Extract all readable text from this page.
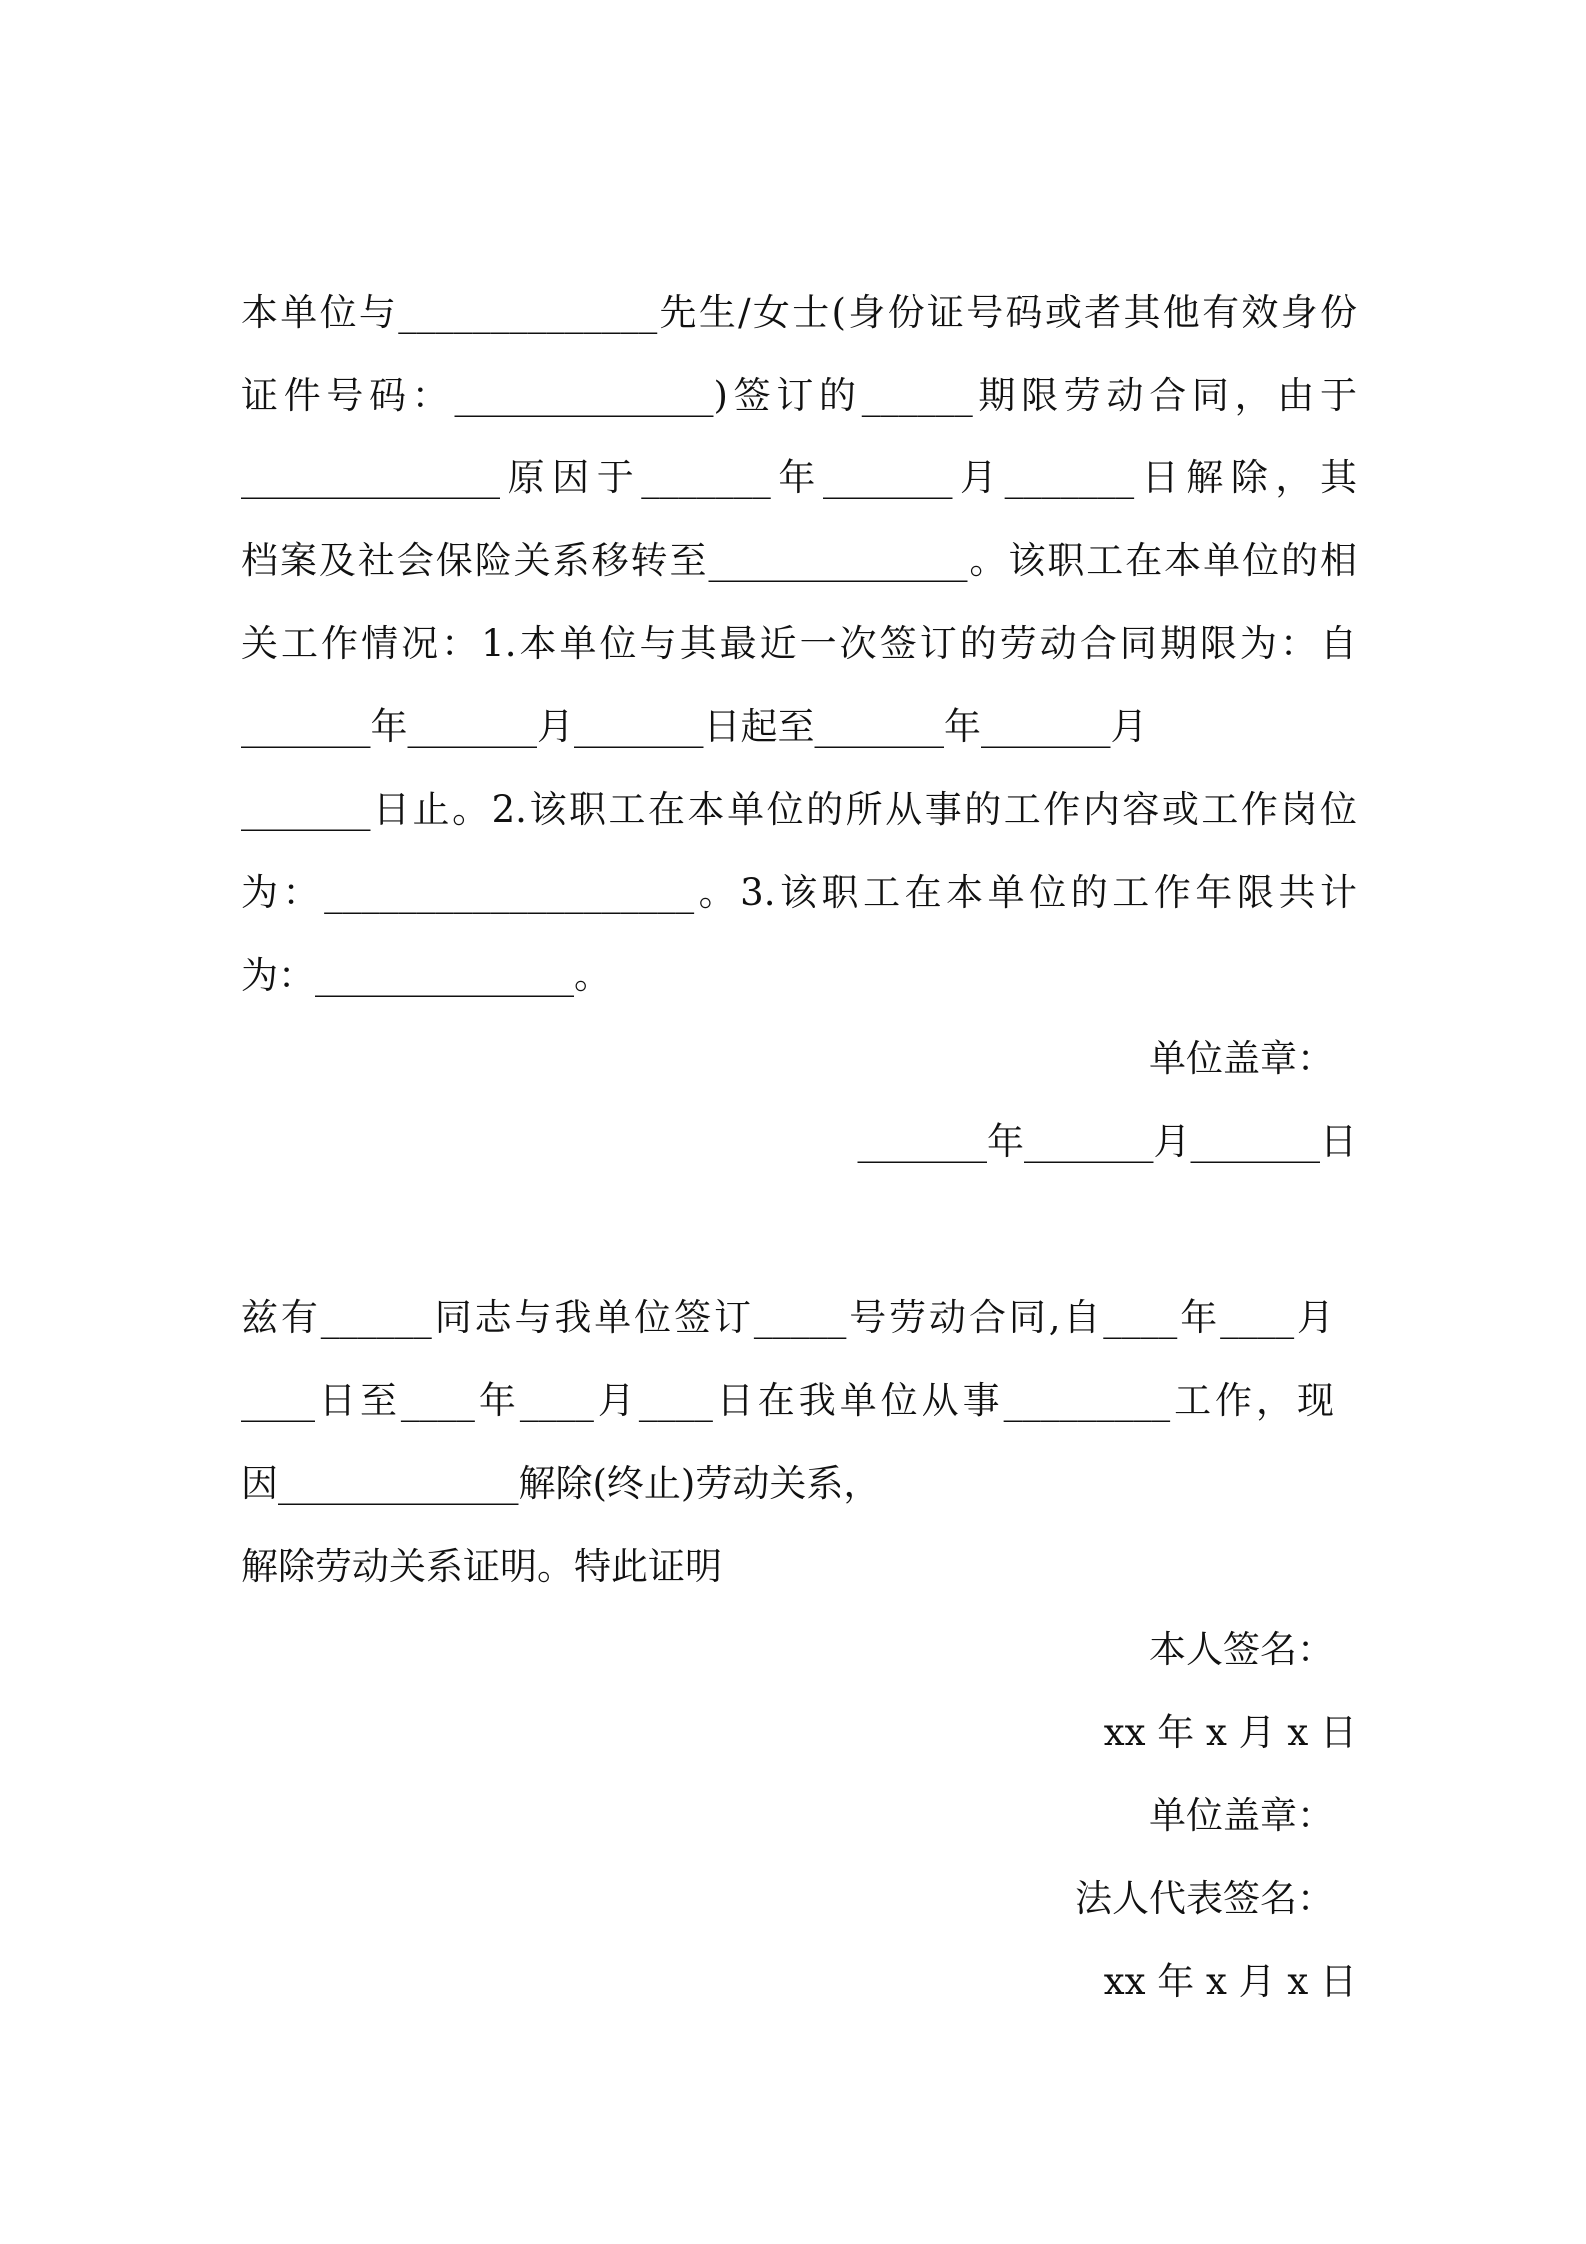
本单位与______________先生/女士(身份证号码或者其他有效身份
证件号码：______________)签订的______期限劳动合同，由于
______________原因于_______年_______月_______日解除，其
档案及社会保险关系移转至______________。该职工在本单位的相
关工作情况：1.本单位与其最近一次签订的劳动合同期限为：自
_______年_______月_______日起至_______年_______月
_______日止。2.该职工在本单位的所从事的工作内容或工作岗位
为：____________________。3.该职工在本单位的工作年限共计
为：______________。
单位盖章：
_______年_______月_______日
兹有______同志与我单位签订_____号劳动合同,自____年____月
____日至____年____月____日在我单位从事_________工作，现
因_____________解除(终止)劳动关系，
解除劳动关系证明。特此证明
本人签名：
xx 年 x 月 x 日
单位盖章：
法人代表签名：
xx 年 x 月 x 日
